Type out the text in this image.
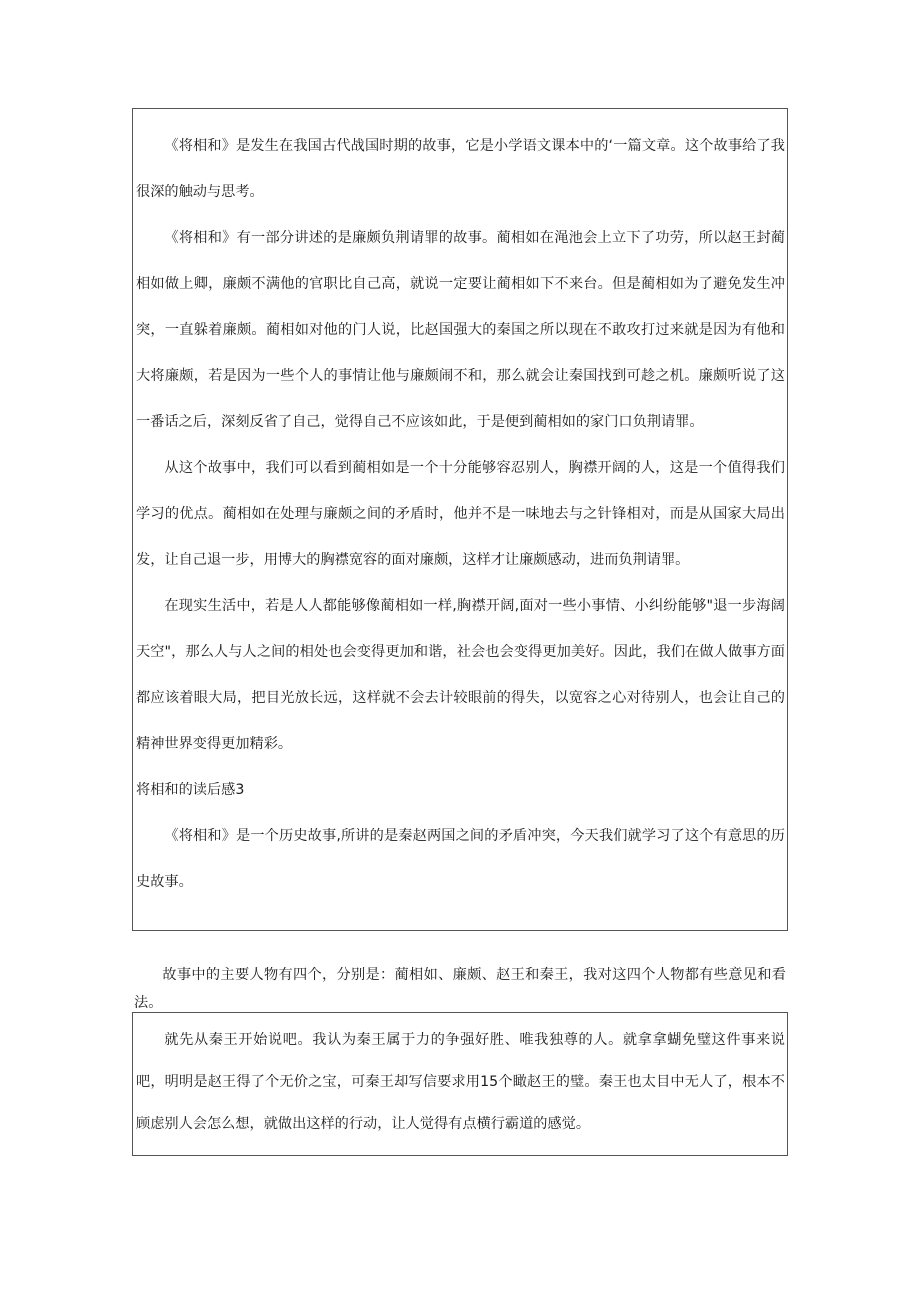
《将相和》是发生在我国古代战国时期的故事，它是小学语文课本中的‘一篇文章。这个故事给了我很深的触动与思考。

《将相和》有一部分讲述的是廉颇负荆请罪的故事。蔺相如在渑池会上立下了功劳，所以赵王封蔺相如做上卿，廉颇不满他的官职比自己高，就说一定要让蔺相如下不来台。但是蔺相如为了避免发生冲突，一直躲着廉颇。蔺相如对他的门人说，比赵国强大的秦国之所以现在不敢攻打过来就是因为有他和大将廉颇，若是因为一些个人的事情让他与廉颇闹不和，那么就会让秦国找到可趁之机。廉颇听说了这一番话之后，深刻反省了自己，觉得自己不应该如此，于是便到蔺相如的家门口负荆请罪。

从这个故事中，我们可以看到蔺相如是一个十分能够容忍别人，胸襟开阔的人，这是一个值得我们学习的优点。蔺相如在处理与廉颇之间的矛盾时，他并不是一味地去与之针锋相对，而是从国家大局出发，让自己退一步，用博大的胸襟宽容的面对廉颇，这样才让廉颇感动，进而负荆请罪。

在现实生活中，若是人人都能够像蔺相如一样,胸襟开阔,面对一些小事情、小纠纷能够"退一步海阔天空"，那么人与人之间的相处也会变得更加和谐，社会也会变得更加美好。因此，我们在做人做事方面都应该着眼大局，把目光放长远，这样就不会去计较眼前的得失，以宽容之心对待别人，也会让自己的精神世界变得更加精彩。

将相和的读后感3

《将相和》是一个历史故事,所讲的是秦赵两国之间的矛盾冲突，今天我们就学习了这个有意思的历史故事。

故事中的主要人物有四个，分别是：蔺相如、廉颇、赵王和秦王，我对这四个人物都有些意见和看法。

就先从秦王开始说吧。我认为秦王属于力的争强好胜、唯我独尊的人。就拿拿蝴免璧这件事来说吧，明明是赵王得了个无价之宝，可秦王却写信要求用15个瞰赵王的璧。秦王也太目中无人了，根本不顾虑别人会怎么想，就做出这样的行动，让人觉得有点横行霸道的感觉。
